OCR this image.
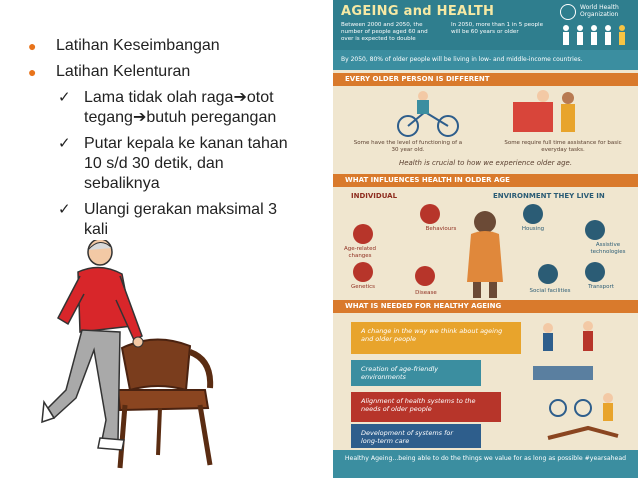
●	Latihan Keseimbangan
●	Latihan Kelenturan
✓ Lama tidak olah raga➔otot tegang➔butuh peregangan
✓ Putar kepala ke kanan tahan 10 s/d 30 detik, dan sebaliknya
✓ Ulangi gerakan maksimal 3 kali
AGEING and HEALTH	World Health Organization
Between 2000 and 2050, the number of people aged 60 and over is expected to double
In 2050, more than 1 in 5 people will be 60 years or older
By 2050, 80% of older people will be living in low- and middle-income countries.
EVERY OLDER PERSON IS DIFFERENT
Some have the level of functioning of a 30 year old.
Some require full time assistance for basic everyday tasks.
Health is crucial to how we experience older age.
WHAT INFLUENCES HEALTH IN OLDER AGE
INDIVIDUAL	ENVIRONMENT THEY LIVE IN
Behaviours
Age-related changes
Genetics
Disease
Housing
Assistive technologies
Social facilities
Transport
WHAT IS NEEDED FOR HEALTHY AGEING
A change in the way we think about ageing and older people
Creation of age-friendly environments
Alignment of health systems to the needs of older people
Development of systems for long-term care
Healthy Ageing...being able to do the things we value for as long as possible #yearsahead
